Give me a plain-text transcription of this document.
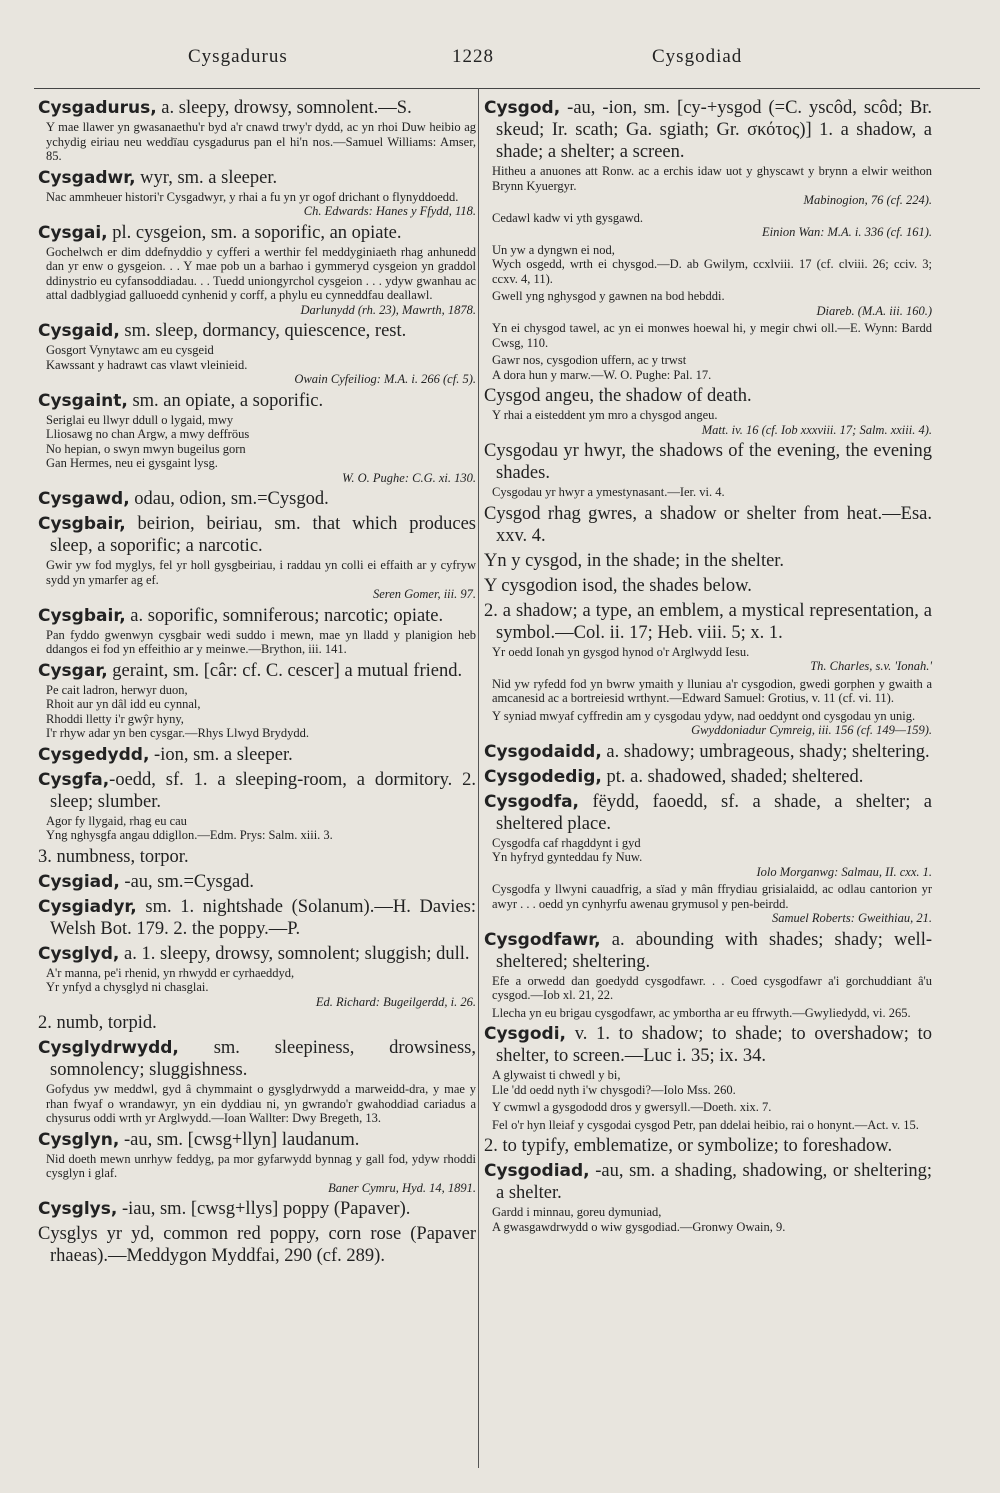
Cysgadurus	1228	Cysgodiad
Cysgadurus, a. sleepy, drowsy, somnolent.—S.
Y mae llawer yn gwasanaethu'r byd a'r cnawd trwy'r dydd, ac yn rhoi Duw heibio ag ychydig eiriau neu weddïau cysgadurus pan el hi'n nos.—Samuel Williams: Amser, 85.
Cysgadwr, wyr, sm. a sleeper.
Nac ammheuer histori'r Cysgadwyr, y rhai a fu yn yr ogof drichant o flynyddoedd.
Ch. Edwards: Hanes y Ffydd, 118.
Cysgai, pl. cysgeion, sm. a soporific, an opiate.
Gochelwch er dim ddefnyddio y cyfferi a werthir fel meddyginiaeth rhag anhunedd dan yr enw o gysgeion. . . Y mae pob un a barhao i gymmeryd cysgeion yn graddol ddinystrio eu cyfansoddiadau. . . Tuedd uniongyrchol cysgeion . . . ydyw gwanhau ac attal dadblygiad galluoedd cynhenid y corff, a phylu eu cynneddfau deallawl.
Darlunydd (rh. 23), Mawrth, 1878.
Cysgaid, sm. sleep, dormancy, quiescence, rest.
Gosgort Vynytawc am eu cysgeid
Kawssant y hadrawt cas vlawt vleinieid.
Owain Cyfeiliog: M.A. i. 266 (cf. 5).
Cysgaint, sm. an opiate, a soporific.
Seriglai eu llwyr ddull o lygaid, mwy
Lliosawg no chan Argw, a mwy deffröus
No hepian, o swyn mwyn bugeilus gorn
Gan Hermes, neu ei gysgaint lysg.
W. O. Pughe: C.G. xi. 130.
Cysgawd, odau, odion, sm.=Cysgod.
Cysgbair, beirion, beiriau, sm. that which produces sleep, a soporific; a narcotic.
Gwir yw fod myglys, fel yr holl gysgbeiriau, i raddau yn colli ei effaith ar y cyfryw sydd yn ymarfer ag ef.
Seren Gomer, iii. 97.
Cysgbair, a. soporific, somniferous; narcotic; opiate.
Pan fyddo gwenwyn cysgbair wedi suddo i mewn, mae yn lladd y planigion heb ddangos ei fod yn effeithio ar y meinwe.—Brython, iii. 141.
Cysgar, geraint, sm. [câr: cf. C. cescer] a mutual friend.
Pe cait ladron, herwyr duon,
Rhoit aur yn dâl idd eu cynnal,
Rhoddi lletty i'r gwŷr hyny,
I'r rhyw adar yn ben cysgar.—Rhys Llwyd Brydydd.
Cysgedydd, -ion, sm. a sleeper.
Cysgfa,-oedd, sf. 1. a sleeping-room, a dormitory. 2. sleep; slumber.
Agor fy llygaid, rhag eu cau
Yng nghysgfa angau ddigllon.—Edm. Prys: Salm. xiii. 3.
3. numbness, torpor.
Cysgiad, -au, sm.=Cysgad.
Cysgiadyr, sm. 1. nightshade (Solanum).—H. Davies: Welsh Bot. 179. 2. the poppy.—P.
Cysglyd, a. 1. sleepy, drowsy, somnolent; sluggish; dull.
A'r manna, pe'i rhenid, yn rhwydd er cyrhaeddyd,
Yr ynfyd a chysglyd ni chasglai.
Ed. Richard: Bugeilgerdd, i. 26.
2. numb, torpid.
Cysglydrwydd, sm. sleepiness, drowsiness, somnolency; sluggishness.
Gofydus yw meddwl, gyd â chymmaint o gysglydrwydd a marweidd-dra, y mae y rhan fwyaf o wrandawyr, yn ein dyddiau ni, yn gwrando'r gwahoddiad cariadus a chysurus oddi wrth yr Arglwydd.—Ioan Wallter: Dwy Bregeth, 13.
Cysglyn, -au, sm. [cwsg+llyn] laudanum.
Nid doeth mewn unrhyw feddyg, pa mor gyfarwydd bynnag y gall fod, ydyw rhoddi cysglyn i glaf.
Baner Cymru, Hyd. 14, 1891.
Cysglys, -iau, sm. [cwsg+llys] poppy (Papaver).
Cysglys yr yd, common red poppy, corn rose (Papaver rhaeas).—Meddygon Myddfai, 290 (cf. 289).
Cysgod, -au, -ion, sm. [cy-+ysgod (=C. yscôd, scôd; Br. skeud; Ir. scath; Ga. sgiath; Gr. σκότος)] 1. a shadow, a shade; a shelter; a screen.
Hitheu a anuones att Ronw. ac a erchis idaw uot y ghyscawt y brynn a elwir weithon Brynn Kyuergyr.
Mabinogion, 76 (cf. 224).
Cedawl kadw vi yth gysgawd.
Einion Wan: M.A. i. 336 (cf. 161).
Un yw a dyngwn ei nod,
Wych osgedd, wrth ei chysgod.—D. ab Gwilym, ccxlviii. 17 (cf. clviii. 26; cciv. 3; ccxv. 4, 11).
Gwell yng nghysgod y gawnen na bod hebddi.
Diareb. (M.A. iii. 160.)
Yn ei chysgod tawel, ac yn ei monwes hoewal hi, y megir chwi oll.—E. Wynn: Bardd Cwsg, 110.
Gawr nos, cysgodion uffern, ac y trwst
A dora hun y marw.—W. O. Pughe: Pal. 17.
Cysgod angeu, the shadow of death.
Y rhai a eisteddent ym mro a chysgod angeu.
Matt. iv. 16 (cf. Iob xxxviii. 17; Salm. xxiii. 4).
Cysgodau yr hwyr, the shadows of the evening, the evening shades.
Cysgodau yr hwyr a ymestynasant.—Ier. vi. 4.
Cysgod rhag gwres, a shadow or shelter from heat.—Esa. xxv. 4.
Yn y cysgod, in the shade; in the shelter.
Y cysgodion isod, the shades below.
2. a shadow; a type, an emblem, a mystical representation, a symbol.—Col. ii. 17; Heb. viii. 5; x. 1.
Yr oedd Ionah yn gysgod hynod o'r Arglwydd Iesu.
Th. Charles, s.v. 'Ionah.'
Nid yw ryfedd fod yn bwrw ymaith y lluniau a'r cysgodion, gwedi gorphen y gwaith a amcanesid ac a bortreiesid wrthynt.—Edward Samuel: Grotius, v. 11 (cf. vi. 11).
Y syniad mwyaf cyffredin am y cysgodau ydyw, nad oeddynt ond cysgodau yn unig.
Gwyddoniadur Cymreig, iii. 156 (cf. 149—159).
Cysgodaidd, a. shadowy; umbrageous, shady; sheltering.
Cysgodedig, pt. a. shadowed, shaded; sheltered.
Cysgodfa, fëydd, faoedd, sf. a shade, a shelter; a sheltered place.
Cysgodfa caf rhagddynt i gyd
Yn hyfryd gynteddau fy Nuw.
Iolo Morganwg: Salmau, II. cxx. 1.
Cysgodfa y llwyni cauadfrig, a sïad y mân ffrydiau grisialaidd, ac odlau cantorion yr awyr . . . oedd yn cynhyrfu awenau grymusol y pen-beirdd.
Samuel Roberts: Gweithiau, 21.
Cysgodfawr, a. abounding with shades; shady; well-sheltered; sheltering.
Efe a orwedd dan goedydd cysgodfawr. . . Coed cysgodfawr a'i gorchuddiant â'u cysgod.—Iob xl. 21, 22.
Llecha yn eu brigau cysgodfawr, ac ymbortha ar eu ffrwyth.—Gwyliedydd, vi. 265.
Cysgodi, v. 1. to shadow; to shade; to overshadow; to shelter, to screen.—Luc i. 35; ix. 34.
A glywaist ti chwedl y bi,
Lle 'dd oedd nyth i'w chysgodi?—Iolo Mss. 260.
Y cwmwl a gysgododd dros y gwersyll.—Doeth. xix. 7.
Fel o'r hyn lleiaf y cysgodai cysgod Petr, pan ddelai heibio, rai o honynt.—Act. v. 15.
2. to typify, emblematize, or symbolize; to foreshadow.
Cysgodiad, -au, sm. a shading, shadowing, or sheltering; a shelter.
Gardd i minnau, goreu dymuniad,
A gwasgawdrwydd o wiw gysgodiad.—Gronwy Owain, 9.
